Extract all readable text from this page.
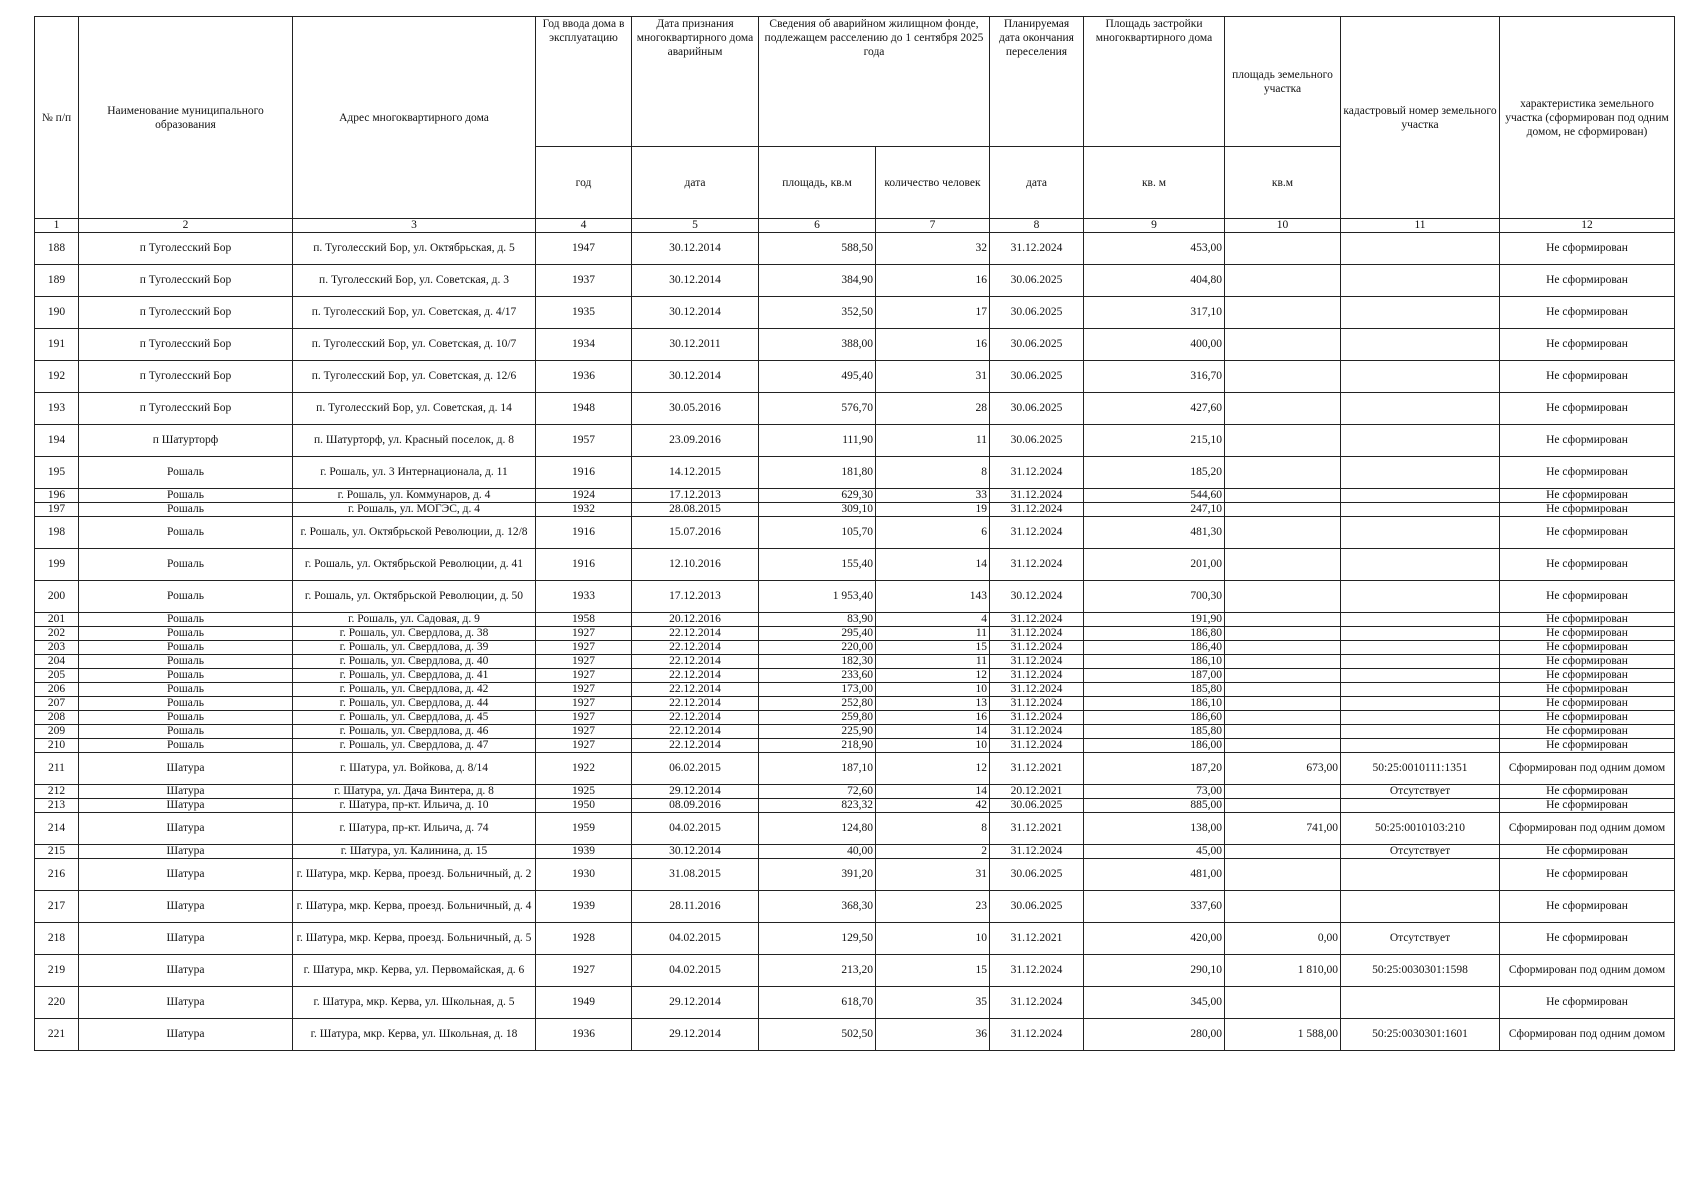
№ п/п	Наименование муниципального образования	Адрес многоквартирного дома	Год ввода дома в эксплуатацию	Дата признания многоквартирного дома аварийным	Сведения об аварийном жилищном фонде, подлежащем расселению до 1 сентября 2025 года		Планируемая дата окончания переселения	Площадь застройки многоквартирного дома	площадь земельного участка	кадастровый номер земельного участка	характеристика земельного участка (сформирован под одним домом, не сформирован)
			год	дата	площадь, кв.м	количество человек	дата	кв. м	кв.м		
1	2	3	4	5	6	7	8	9	10	11	12
188	п Туголесский Бор	п. Туголесский Бор, ул. Октябрьская, д. 5	1947	30.12.2014	588,50	32	31.12.2024	453,00			Не сформирован
189	п Туголесский Бор	п. Туголесский Бор, ул. Советская, д. 3	1937	30.12.2014	384,90	16	30.06.2025	404,80			Не сформирован
190	п Туголесский Бор	п. Туголесский Бор, ул. Советская, д. 4/17	1935	30.12.2014	352,50	17	30.06.2025	317,10			Не сформирован
191	п Туголесский Бор	п. Туголесский Бор, ул. Советская, д. 10/7	1934	30.12.2011	388,00	16	30.06.2025	400,00			Не сформирован
192	п Туголесский Бор	п. Туголесский Бор, ул. Советская, д. 12/6	1936	30.12.2014	495,40	31	30.06.2025	316,70			Не сформирован
193	п Туголесский Бор	п. Туголесский Бор, ул. Советская, д. 14	1948	30.05.2016	576,70	28	30.06.2025	427,60			Не сформирован
194	п Шатурторф	п. Шатурторф, ул. Красный поселок, д. 8	1957	23.09.2016	111,90	11	30.06.2025	215,10			Не сформирован
195	Рошаль	г. Рошаль, ул. 3 Интернационала, д. 11	1916	14.12.2015	181,80	8	31.12.2024	185,20			Не сформирован
196	Рошаль	г. Рошаль, ул. Коммунаров, д. 4	1924	17.12.2013	629,30	33	31.12.2024	544,60			Не сформирован
197	Рошаль	г. Рошаль, ул. МОГЭС, д. 4	1932	28.08.2015	309,10	19	31.12.2024	247,10			Не сформирован
198	Рошаль	г. Рошаль, ул. Октябрьской Революции, д. 12/8	1916	15.07.2016	105,70	6	31.12.2024	481,30			Не сформирован
199	Рошаль	г. Рошаль, ул. Октябрьской Революции, д. 41	1916	12.10.2016	155,40	14	31.12.2024	201,00			Не сформирован
200	Рошаль	г. Рошаль, ул. Октябрьской Революции, д. 50	1933	17.12.2013	1 953,40	143	30.12.2024	700,30			Не сформирован
201	Рошаль	г. Рошаль, ул. Садовая, д. 9	1958	20.12.2016	83,90	4	31.12.2024	191,90			Не сформирован
202	Рошаль	г. Рошаль, ул. Свердлова, д. 38	1927	22.12.2014	295,40	11	31.12.2024	186,80			Не сформирован
203	Рошаль	г. Рошаль, ул. Свердлова, д. 39	1927	22.12.2014	220,00	15	31.12.2024	186,40			Не сформирован
204	Рошаль	г. Рошаль, ул. Свердлова, д. 40	1927	22.12.2014	182,30	11	31.12.2024	186,10			Не сформирован
205	Рошаль	г. Рошаль, ул. Свердлова, д. 41	1927	22.12.2014	233,60	12	31.12.2024	187,00			Не сформирован
206	Рошаль	г. Рошаль, ул. Свердлова, д. 42	1927	22.12.2014	173,00	10	31.12.2024	185,80			Не сформирован
207	Рошаль	г. Рошаль, ул. Свердлова, д. 44	1927	22.12.2014	252,80	13	31.12.2024	186,10			Не сформирован
208	Рошаль	г. Рошаль, ул. Свердлова, д. 45	1927	22.12.2014	259,80	16	31.12.2024	186,60			Не сформирован
209	Рошаль	г. Рошаль, ул. Свердлова, д. 46	1927	22.12.2014	225,90	14	31.12.2024	185,80			Не сформирован
210	Рошаль	г. Рошаль, ул. Свердлова, д. 47	1927	22.12.2014	218,90	10	31.12.2024	186,00			Не сформирован
211	Шатура	г. Шатура, ул. Войкова, д. 8/14	1922	06.02.2015	187,10	12	31.12.2021	187,20	673,00	50:25:0010111:1351	Сформирован под одним домом
212	Шатура	г. Шатура, ул. Дача Винтера, д. 8	1925	29.12.2014	72,60	14	20.12.2021	73,00		Отсутствует	Не сформирован
213	Шатура	г. Шатура, пр-кт. Ильича, д. 10	1950	08.09.2016	823,32	42	30.06.2025	885,00			Не сформирован
214	Шатура	г. Шатура, пр-кт. Ильича, д. 74	1959	04.02.2015	124,80	8	31.12.2021	138,00	741,00	50:25:0010103:210	Сформирован под одним домом
215	Шатура	г. Шатура, ул. Калинина, д. 15	1939	30.12.2014	40,00	2	31.12.2024	45,00		Отсутствует	Не сформирован
216	Шатура	г. Шатура, мкр. Керва, проезд. Больничный, д. 2	1930	31.08.2015	391,20	31	30.06.2025	481,00			Не сформирован
217	Шатура	г. Шатура, мкр. Керва, проезд. Больничный, д. 4	1939	28.11.2016	368,30	23	30.06.2025	337,60			Не сформирован
218	Шатура	г. Шатура, мкр. Керва, проезд. Больничный, д. 5	1928	04.02.2015	129,50	10	31.12.2021	420,00	0,00	Отсутствует	Не сформирован
219	Шатура	г. Шатура, мкр. Керва, ул. Первомайская, д. 6	1927	04.02.2015	213,20	15	31.12.2024	290,10	1 810,00	50:25:0030301:1598	Сформирован под одним домом
220	Шатура	г. Шатура, мкр. Керва, ул. Школьная, д. 5	1949	29.12.2014	618,70	35	31.12.2024	345,00			Не сформирован
221	Шатура	г. Шатура, мкр. Керва, ул. Школьная, д. 18	1936	29.12.2014	502,50	36	31.12.2024	280,00	1 588,00	50:25:0030301:1601	Сформирован под одним домом
